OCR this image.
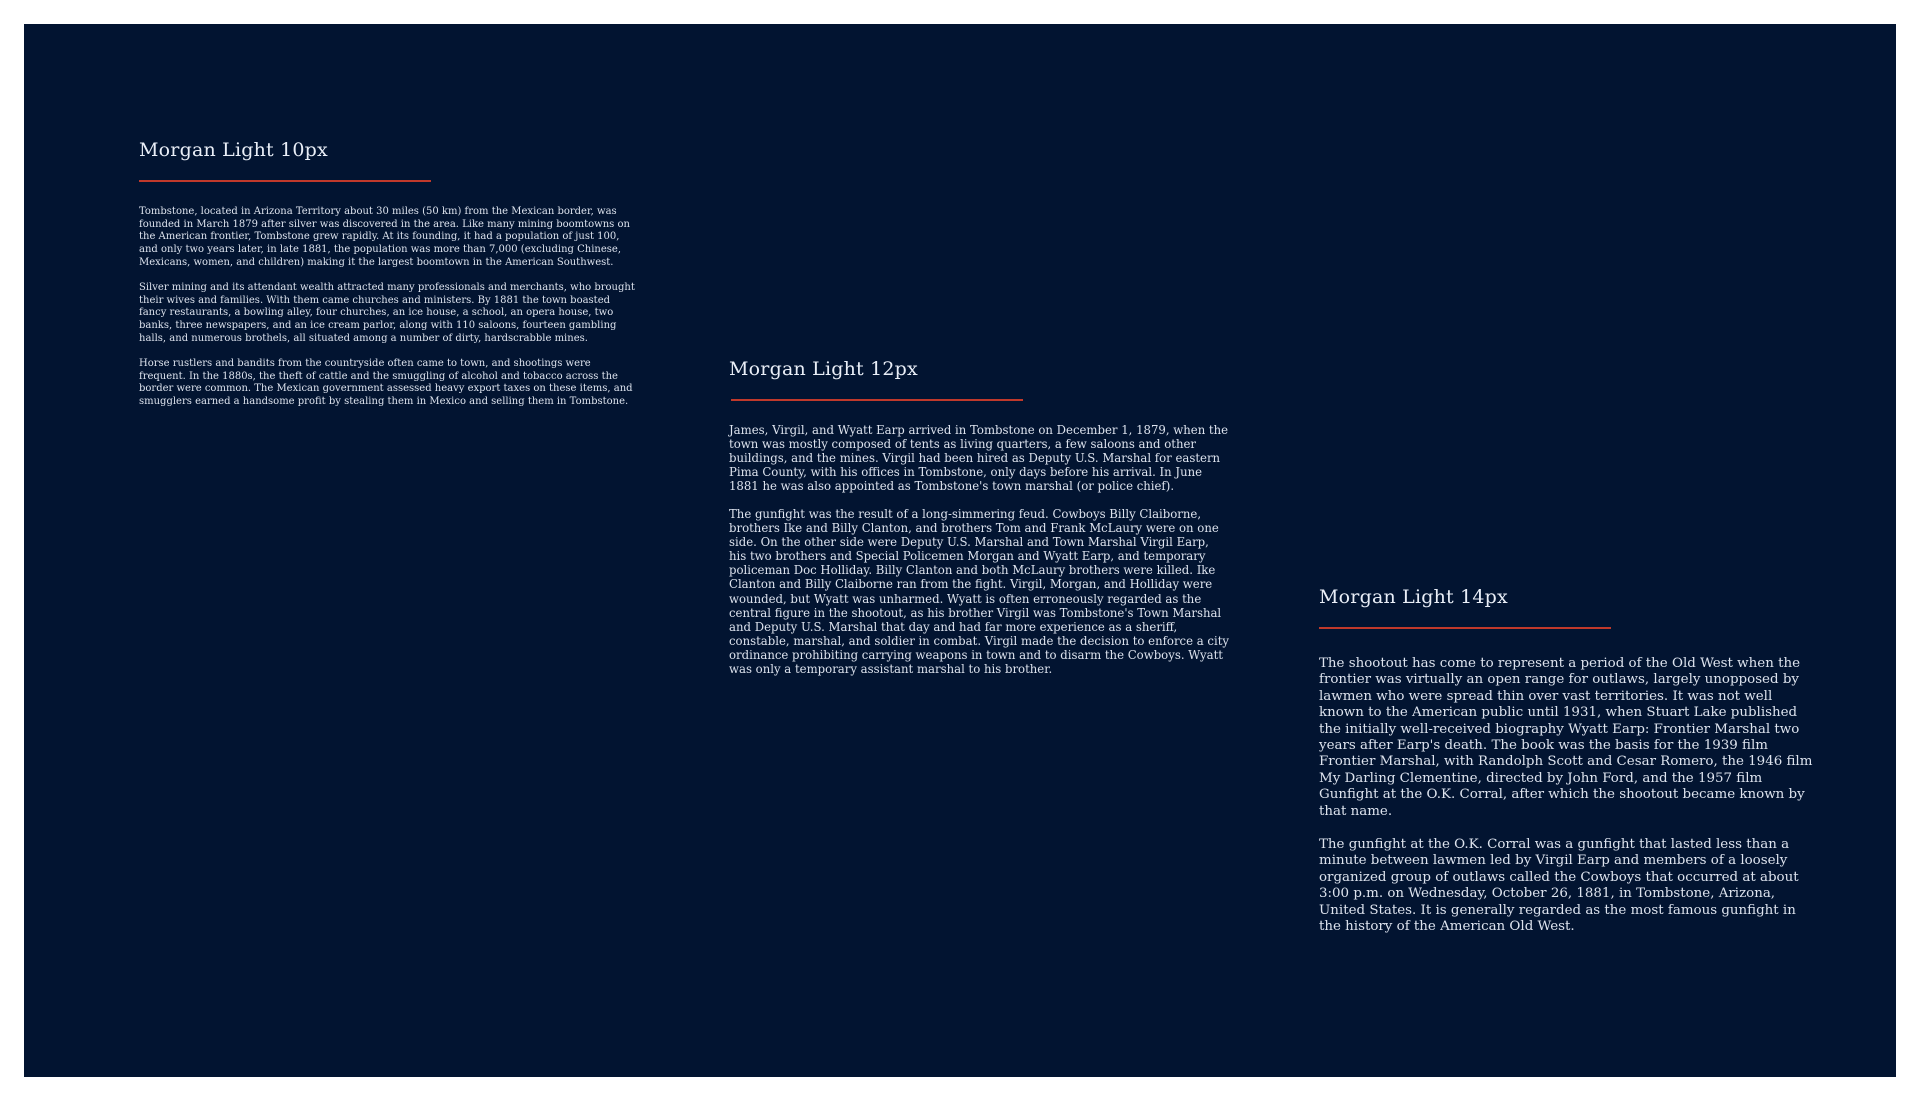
Morgan Light 10px

Tombstone, located in Arizona Territory about 30 miles (50 km) from the Mexican border, was founded in March 1879 after silver was discovered in the area. Like many mining boomtowns on the American frontier, Tombstone grew rapidly. At its founding, it had a population of just 100, and only two years later, in late 1881, the population was more than 7,000 (excluding Chinese, Mexicans, women, and children) making it the largest boomtown in the American Southwest.

Silver mining and its attendant wealth attracted many professionals and merchants, who brought their wives and families. With them came churches and ministers. By 1881 the town boasted fancy restaurants, a bowling alley, four churches, an ice house, a school, an opera house, two banks, three newspapers, and an ice cream parlor, along with 110 saloons, fourteen gambling halls, and numerous brothels, all situated among a number of dirty, hardscrabble mines.

Horse rustlers and bandits from the countryside often came to town, and shootings were frequent. In the 1880s, the theft of cattle and the smuggling of alcohol and tobacco across the border were common. The Mexican government assessed heavy export taxes on these items, and smugglers earned a handsome profit by stealing them in Mexico and selling them in Tombstone.

Morgan Light 12px

James, Virgil, and Wyatt Earp arrived in Tombstone on December 1, 1879, when the town was mostly composed of tents as living quarters, a few saloons and other buildings, and the mines. Virgil had been hired as Deputy U.S. Marshal for eastern Pima County, with his offices in Tombstone, only days before his arrival. In June 1881 he was also appointed as Tombstone's town marshal (or police chief).

The gunfight was the result of a long-simmering feud. Cowboys Billy Claiborne, brothers Ike and Billy Clanton, and brothers Tom and Frank McLaury were on one side. On the other side were Deputy U.S. Marshal and Town Marshal Virgil Earp, his two brothers and Special Policemen Morgan and Wyatt Earp, and temporary policeman Doc Holliday. Billy Clanton and both McLaury brothers were killed. Ike Clanton and Billy Claiborne ran from the fight. Virgil, Morgan, and Holliday were wounded, but Wyatt was unharmed. Wyatt is often erroneously regarded as the central figure in the shootout, as his brother Virgil was Tombstone's Town Marshal and Deputy U.S. Marshal that day and had far more experience as a sheriff, constable, marshal, and soldier in combat. Virgil made the decision to enforce a city ordinance prohibiting carrying weapons in town and to disarm the Cowboys. Wyatt was only a temporary assistant marshal to his brother.

Morgan Light 14px

The shootout has come to represent a period of the Old West when the frontier was virtually an open range for outlaws, largely unopposed by lawmen who were spread thin over vast territories. It was not well known to the American public until 1931, when Stuart Lake published the initially well-received biography Wyatt Earp: Frontier Marshal two years after Earp's death. The book was the basis for the 1939 film Frontier Marshal, with Randolph Scott and Cesar Romero, the 1946 film My Darling Clementine, directed by John Ford, and the 1957 film Gunfight at the O.K. Corral, after which the shootout became known by that name.

The gunfight at the O.K. Corral was a gunfight that lasted less than a minute between lawmen led by Virgil Earp and members of a loosely organized group of outlaws called the Cowboys that occurred at about 3:00 p.m. on Wednesday, October 26, 1881, in Tombstone, Arizona, United States. It is generally regarded as the most famous gunfight in the history of the American Old West.
